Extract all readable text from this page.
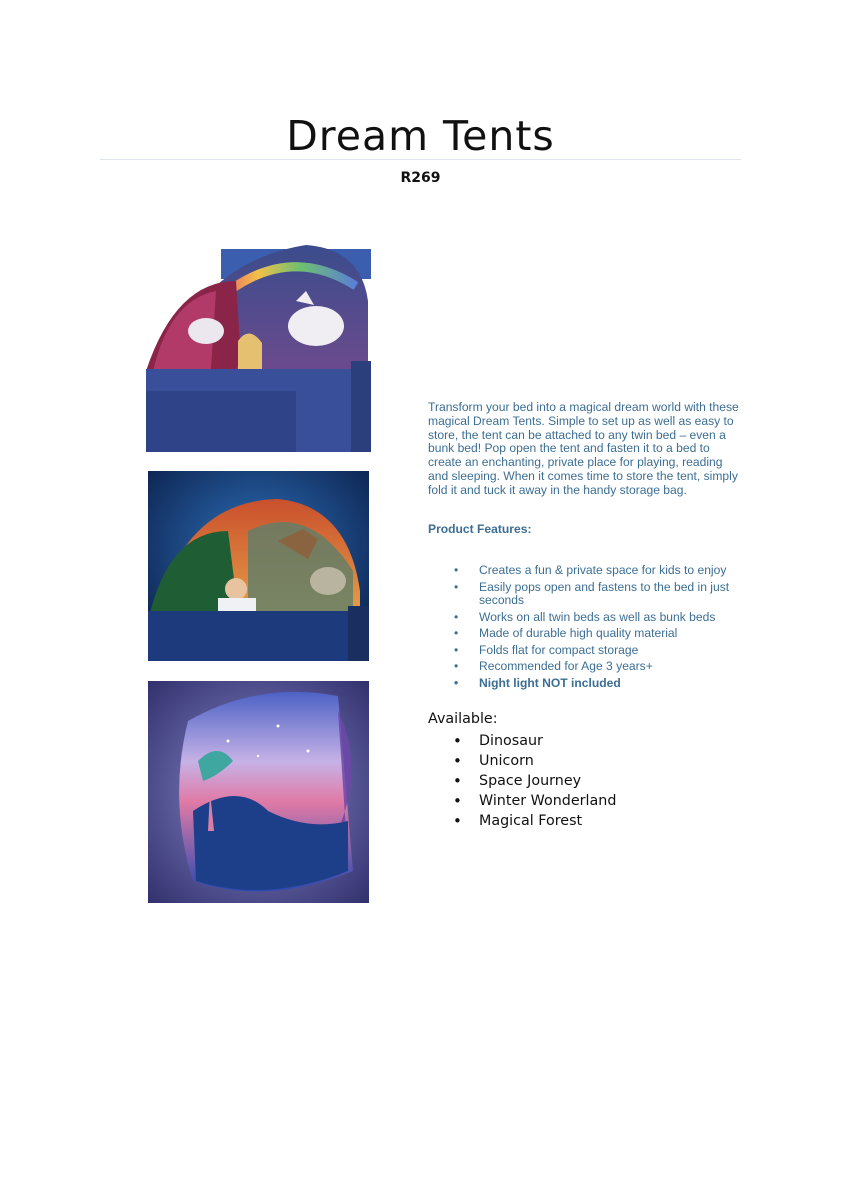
Dream Tents
R269

Transform your bed into a magical dream world with these magical Dream Tents. Simple to set up as well as easy to store, the tent can be attached to any twin bed – even a bunk bed! Pop open the tent and fasten it to a bed to create an enchanting, private place for playing, reading and sleeping. When it comes time to store the tent, simply fold it and tuck it away in the handy storage bag.

Product Features:

• Creates a fun & private space for kids to enjoy
• Easily pops open and fastens to the bed in just seconds
• Works on all twin beds as well as bunk beds
• Made of durable high quality material
• Folds flat for compact storage
• Recommended for Age 3 years+
• Night light NOT included

Available:

• Dinosaur
• Unicorn
• Space Journey
• Winter Wonderland
• Magical Forest
